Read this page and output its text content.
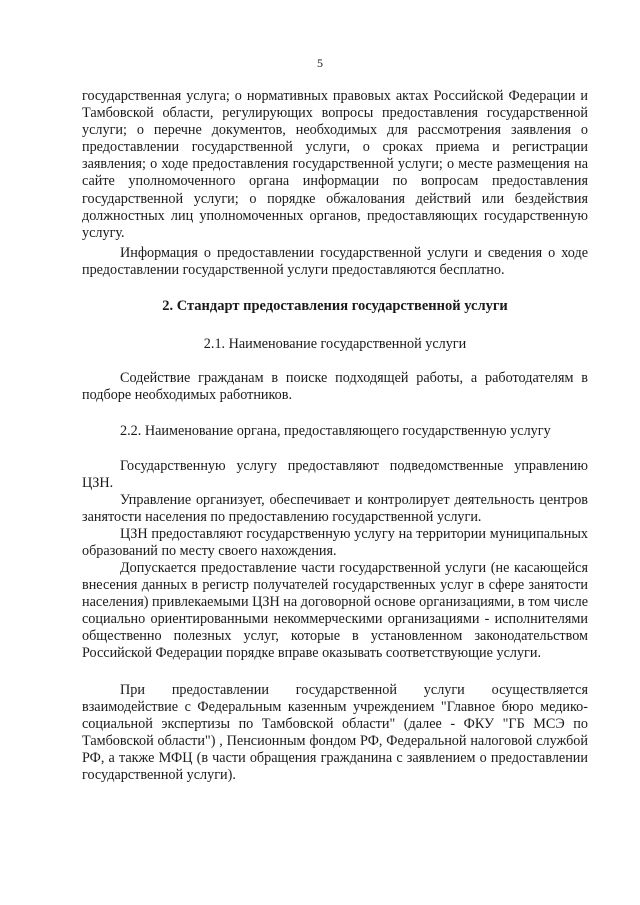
5

государственная услуга; о нормативных правовых актах Российской Федерации и Тамбовской области, регулирующих вопросы предоставления государственной услуги; о перечне документов, необходимых для рассмотрения заявления о предоставлении государственной услуги, о сроках приема и регистрации заявления; о ходе предоставления государственной услуги; о месте размещения на сайте уполномоченного органа информации по вопросам предоставления государственной услуги; о порядке обжалования действий или бездействия должностных лиц уполномоченных органов, предоставляющих государственную услугу.

Информация о предоставлении государственной услуги и сведения о ходе предоставлении государственной услуги предоставляются бесплатно.

2. Стандарт предоставления государственной услуги
2.1. Наименование государственной услуги

Содействие гражданам в поиске подходящей работы, а работодателям в подборе необходимых работников.

2.2. Наименование органа, предоставляющего государственную услугу

Государственную услугу предоставляют подведомственные управлению ЦЗН.

Управление организует, обеспечивает и контролирует деятельность центров занятости населения по предоставлению государственной услуги.

ЦЗН предоставляют государственную услугу на территории муниципальных образований по месту своего нахождения.

Допускается предоставление части государственной услуги (не касающейся внесения данных в регистр получателей государственных услуг в сфере занятости населения) привлекаемыми ЦЗН на договорной основе организациями, в том числе социально ориентированными некоммерческими организациями - исполнителями общественно полезных услуг, которые в установленном законодательством Российской Федерации порядке вправе оказывать соответствующие услуги.

При предоставлении государственной услуги осуществляется взаимодействие с Федеральным казенным учреждением "Главное бюро медико-социальной экспертизы по Тамбовской области" (далее - ФКУ "ГБ МСЭ по Тамбовской области") , Пенсионным фондом РФ, Федеральной налоговой службой РФ, а также МФЦ (в части обращения гражданина с заявлением о предоставлении государственной услуги).
